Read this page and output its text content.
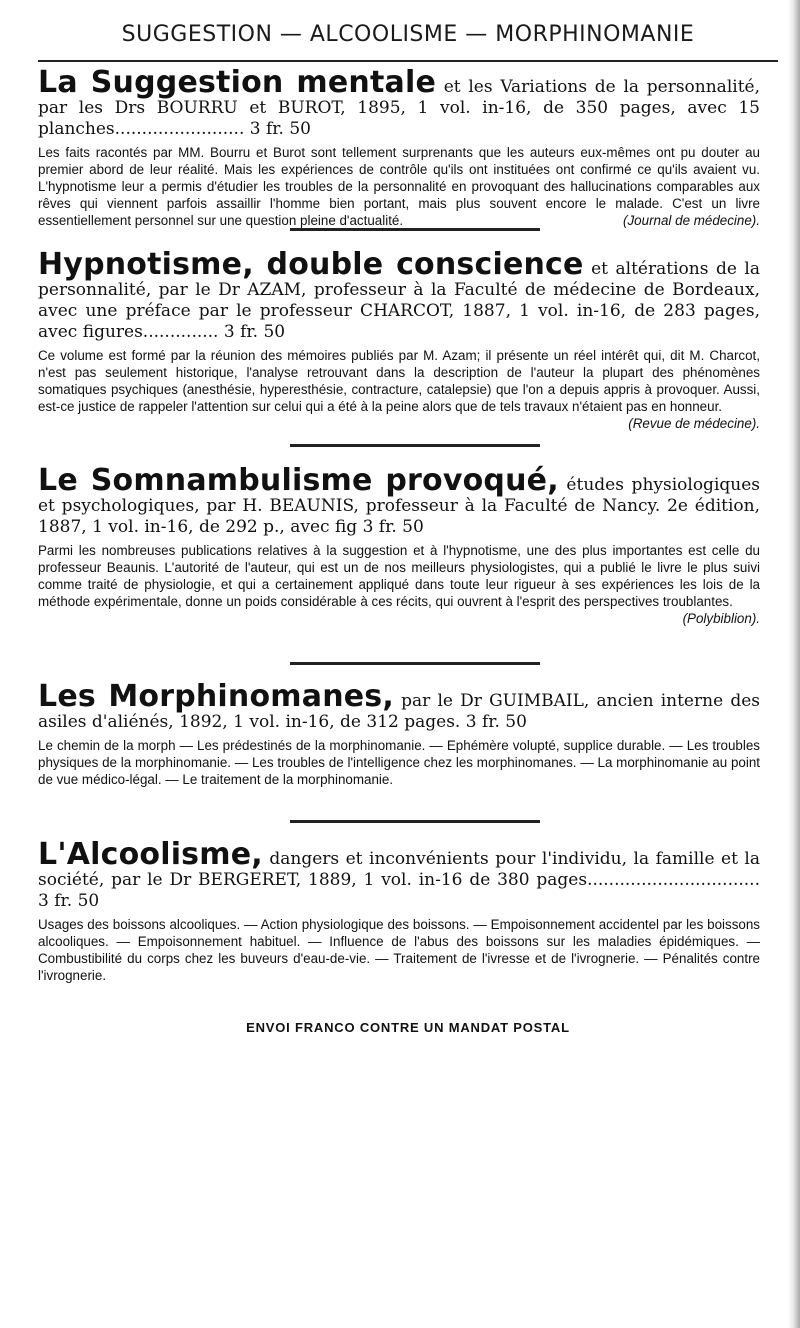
SUGGESTION — ALCOOLISME — MORPHINOMANIE

La Suggestion mentale et les Variations de la personnalité, par les Drs BOURRU et BUROT, 1895, 1 vol. in-16, de 350 pages, avec 15 planches........................ 3 fr. 50

Les faits racontés par MM. Bourru et Burot sont tellement surprenants que les auteurs eux-mêmes ont pu douter au premier abord de leur réalité. Mais les expériences de contrôle qu'ils ont instituées ont confirmé ce qu'ils avaient vu. L'hypnotisme leur a permis d'étudier les troubles de la personnalité en provoquant des hallucinations comparables aux rêves qui viennent parfois assaillir l'homme bien portant, mais plus souvent encore le malade. C'est un livre essentiellement personnel sur une question pleine d'actualité.	(Journal de médecine).

Hypnotisme, double conscience et altérations de la personnalité, par le Dr AZAM, professeur à la Faculté de médecine de Bordeaux, avec une préface par le professeur CHARCOT, 1887, 1 vol. in-16, de 283 pages, avec figures.............. 3 fr. 50

Ce volume est formé par la réunion des mémoires publiés par M. Azam; il présente un réel intérêt qui, dit M. Charcot, n'est pas seulement historique, l'analyse retrouvant dans la description de l'auteur la plupart des phénomènes somatiques psychiques (anesthésie, hyperesthésie, contracture, catalepsie) que l'on a depuis appris à provoquer. Aussi, est-ce justice de rappeler l'attention sur celui qui a été à la peine alors que de tels travaux n'étaient pas en honneur.
(Revue de médecine).

Le Somnambulisme provoqué, études physiologiques et psychologiques, par H. BEAUNIS, professeur à la Faculté de Nancy. 2e édition, 1887, 1 vol. in-16, de 292 p., avec fig 3 fr. 50

Parmi les nombreuses publications relatives à la suggestion et à l'hypnotisme, une des plus importantes est celle du professeur Beaunis. L'autorité de l'auteur, qui est un de nos meilleurs physiologistes, qui a publié le livre le plus suivi comme traité de physiologie, et qui a certainement appliqué dans toute leur rigueur à ses expériences les lois de la méthode expérimentale, donne un poids considérable à ces récits, qui ouvrent à l'esprit des perspectives troublantes.
(Polybiblion).

Les Morphinomanes, par le Dr GUIMBAIL, ancien interne des asiles d'aliénés, 1892, 1 vol. in-16, de 312 pages. 3 fr. 50

Le chemin de la morph — Les prédestinés de la morphinomanie. — Ephémère volupté, supplice durable. — Les troubles physiques de la morphinomanie. — Les troubles de l'intelligence chez les morphinomanes. — La morphinomanie au point de vue médico-légal. — Le traitement de la morphinomanie.

L'Alcoolisme, dangers et inconvénients pour l'individu, la famille et la société, par le Dr BERGERET, 1889, 1 vol. in-16 de 380 pages................................ 3 fr. 50

Usages des boissons alcooliques. — Action physiologique des boissons. — Empoisonnement accidentel par les boissons alcooliques. — Empoisonnement habituel. — Influence de l'abus des boissons sur les maladies épidémiques. — Combustibilité du corps chez les buveurs d'eau-de-vie. — Traitement de l'ivresse et de l'ivrognerie. — Pénalités contre l'ivrognerie.

ENVOI FRANCO CONTRE UN MANDAT POSTAL
